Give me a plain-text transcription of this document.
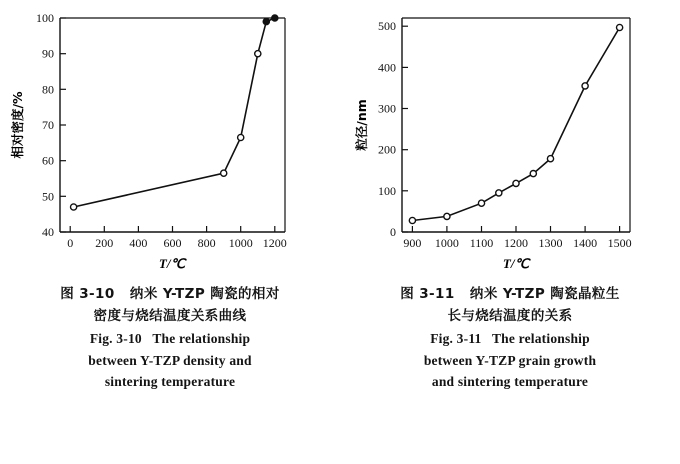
40
50
60
70
80
90
100
0 200 400 600 800 1000 1200
相对密度/%
T/℃
图 3-10   纳米 Y-TZP 陶瓷的相对
密度与烧结温度关系曲线
Fig. 3-10   The relationship
between Y-TZP density and
sintering temperature
0
100
200
300
400
500
900 1000 1100 1200 1300 1400 1500
粒径/nm
T/℃
图 3-11   纳米 Y-TZP 陶瓷晶粒生
长与烧结温度的关系
Fig. 3-11   The relationship
between Y-TZP grain growth
and sintering temperature
